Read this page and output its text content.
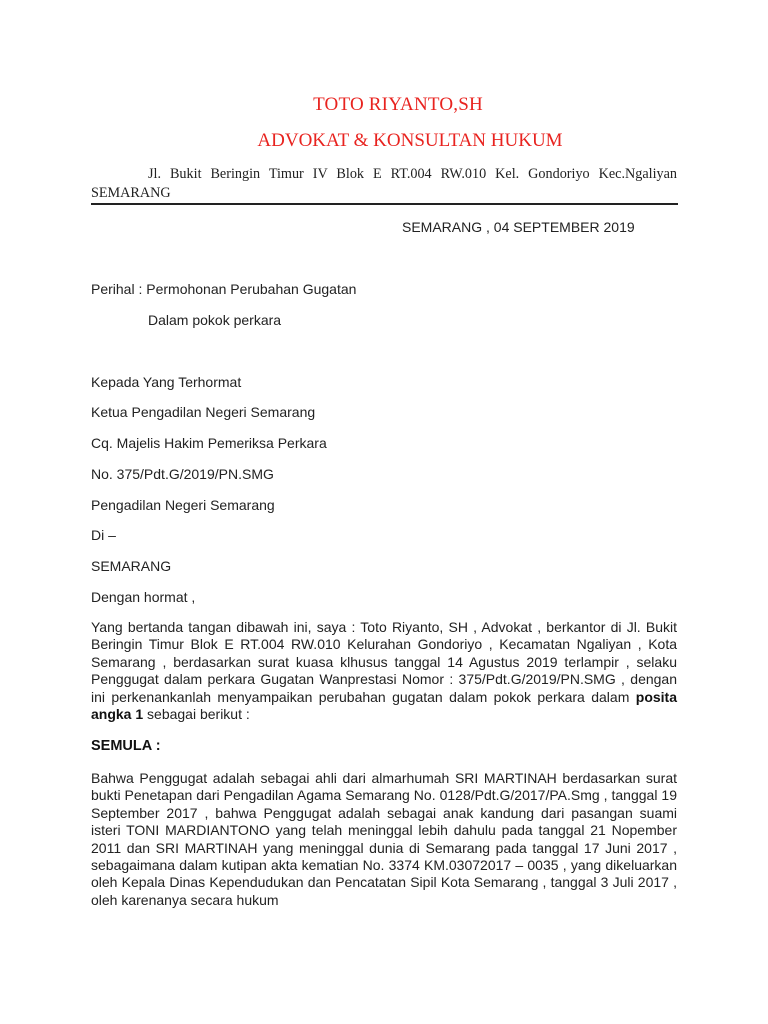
TOTO RIYANTO,SH
ADVOKAT & KONSULTAN HUKUM
Jl. Bukit Beringin Timur IV Blok E RT.004 RW.010 Kel. Gondoriyo Kec.Ngaliyan SEMARANG
SEMARANG , 04 SEPTEMBER 2019
Perihal : Permohonan Perubahan Gugatan
Dalam pokok perkara
Kepada Yang Terhormat
Ketua Pengadilan Negeri Semarang
Cq. Majelis Hakim Pemeriksa Perkara
No. 375/Pdt.G/2019/PN.SMG
Pengadilan Negeri Semarang
Di –
SEMARANG
Dengan hormat ,
Yang bertanda tangan dibawah ini, saya : Toto Riyanto, SH , Advokat , berkantor di Jl. Bukit Beringin Timur Blok E RT.004 RW.010 Kelurahan Gondoriyo , Kecamatan Ngaliyan , Kota Semarang , berdasarkan surat kuasa klhusus tanggal 14 Agustus 2019 terlampir , selaku Penggugat dalam perkara Gugatan Wanprestasi Nomor : 375/Pdt.G/2019/PN.SMG , dengan ini perkenankanlah menyampaikan perubahan gugatan dalam pokok perkara dalam posita angka 1 sebagai berikut :
SEMULA :
Bahwa Penggugat adalah sebagai ahli dari almarhumah SRI MARTINAH berdasarkan surat bukti Penetapan dari Pengadilan Agama Semarang No. 0128/Pdt.G/2017/PA.Smg , tanggal 19 September 2017 , bahwa Penggugat adalah sebagai anak kandung dari pasangan suami isteri TONI MARDIANTONO yang telah meninggal lebih dahulu pada tanggal 21 Nopember 2011 dan SRI MARTINAH yang meninggal dunia di Semarang pada tanggal 17 Juni 2017 , sebagaimana dalam kutipan akta kematian No. 3374 KM.03072017 – 0035 , yang dikeluarkan oleh Kepala Dinas Kependudukan dan Pencatatan Sipil Kota Semarang , tanggal 3 Juli 2017 , oleh karenanya secara hukum
